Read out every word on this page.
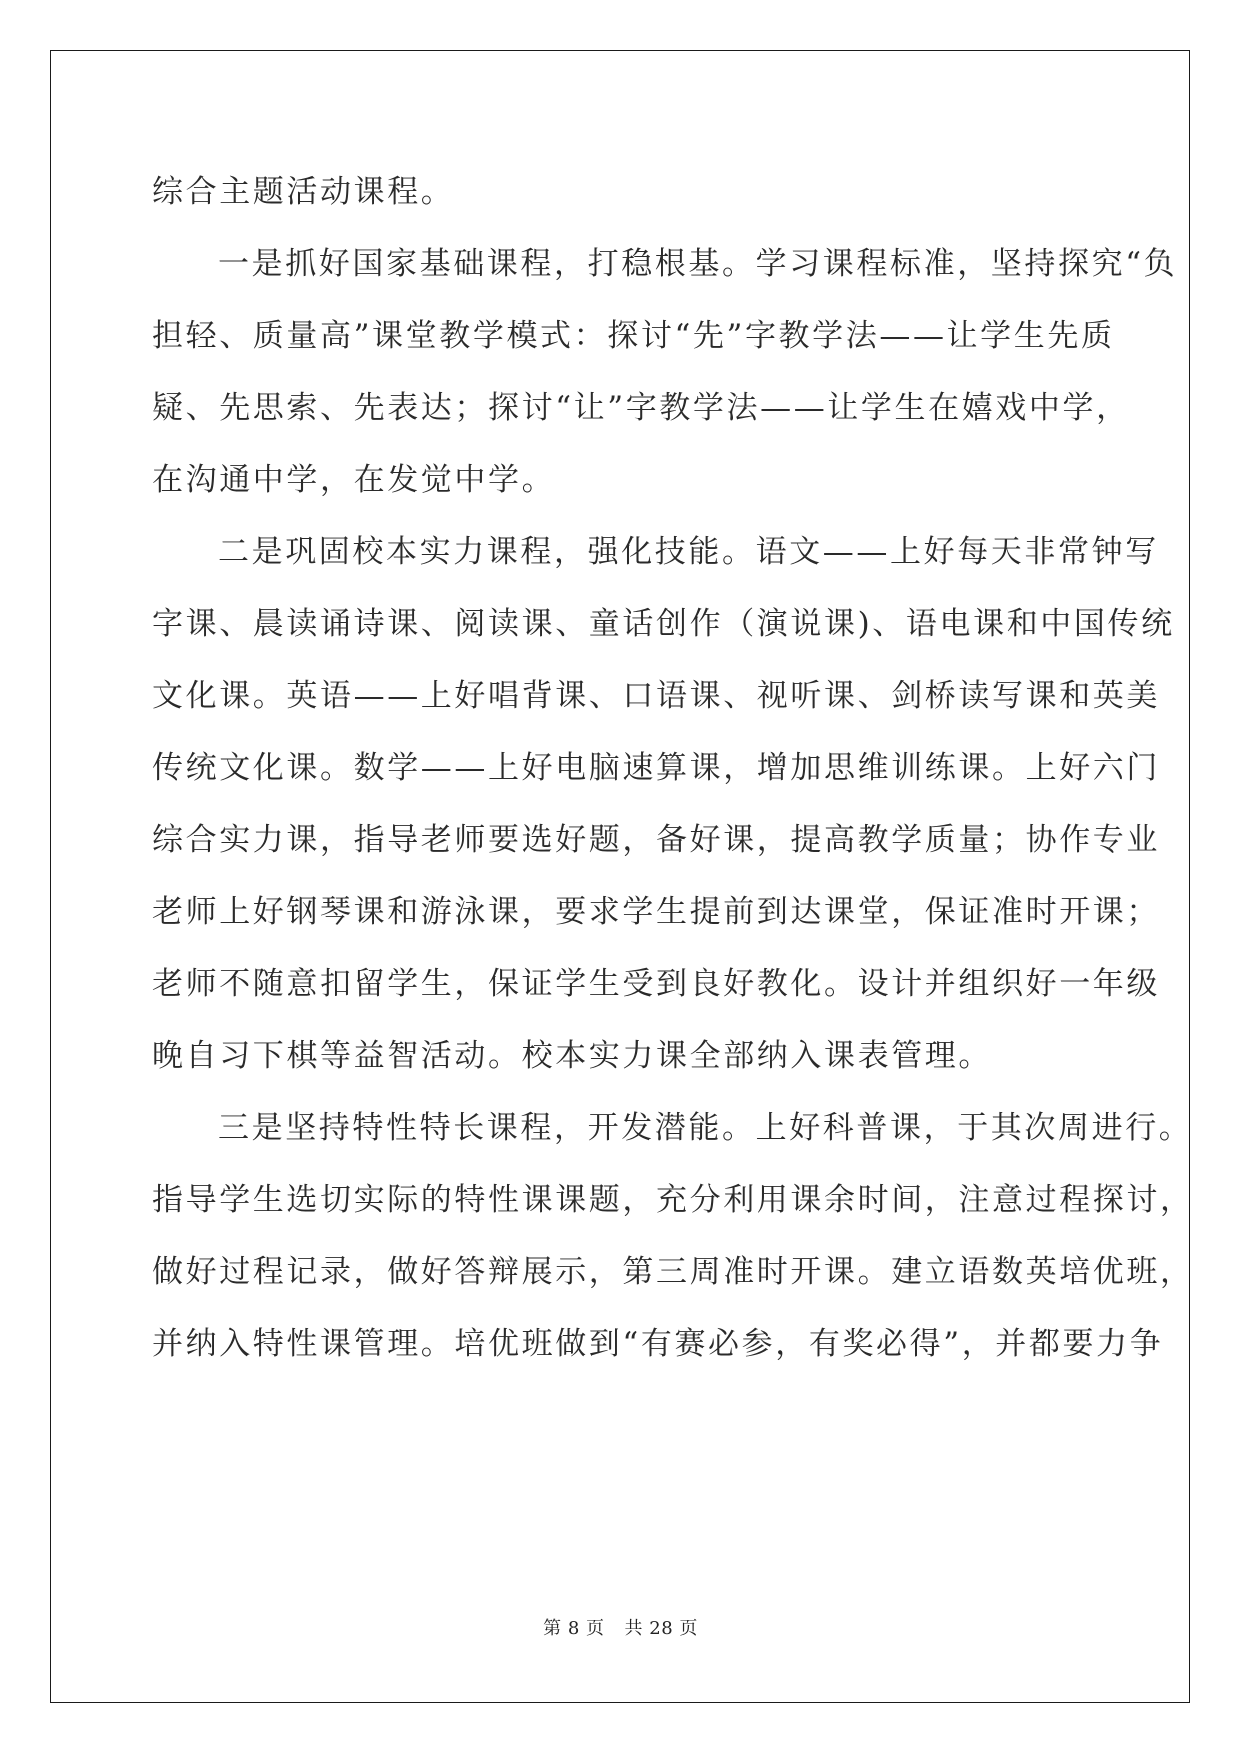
综合主题活动课程。
一是抓好国家基础课程，打稳根基。学习课程标准，坚持探究“负
担轻、质量高”课堂教学模式：探讨“先”字教学法——让学生先质
疑、先思索、先表达；探讨“让”字教学法——让学生在嬉戏中学，
在沟通中学，在发觉中学。
二是巩固校本实力课程，强化技能。语文——上好每天非常钟写
字课、晨读诵诗课、阅读课、童话创作（演说课)、语电课和中国传统
文化课。英语——上好唱背课、口语课、视听课、剑桥读写课和英美
传统文化课。数学——上好电脑速算课，增加思维训练课。上好六门
综合实力课，指导老师要选好题，备好课，提高教学质量；协作专业
老师上好钢琴课和游泳课，要求学生提前到达课堂，保证准时开课；
老师不随意扣留学生，保证学生受到良好教化。设计并组织好一年级
晚自习下棋等益智活动。校本实力课全部纳入课表管理。
三是坚持特性特长课程，开发潜能。上好科普课，于其次周进行。
指导学生选切实际的特性课课题，充分利用课余时间，注意过程探讨，
做好过程记录，做好答辩展示，第三周准时开课。建立语数英培优班，
并纳入特性课管理。培优班做到“有赛必参，有奖必得”，并都要力争
第 8 页 共 28 页
